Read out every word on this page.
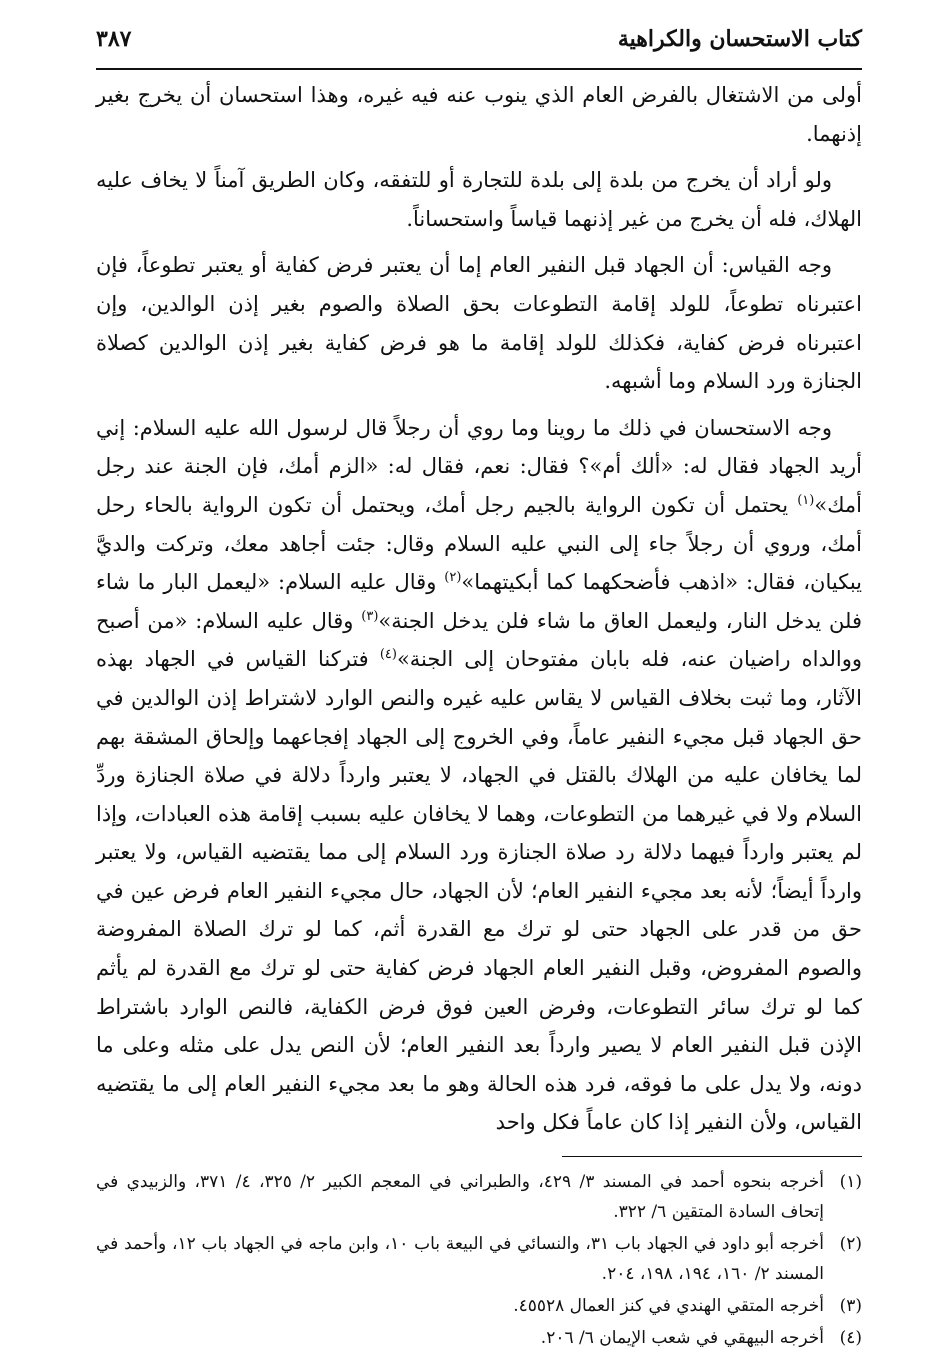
كتاب الاستحسان والكراهية
٣٨٧

أولى من الاشتغال بالفرض العام الذي ينوب عنه فيه غيره، وهذا استحسان أن يخرج بغير إذنهما.

ولو أراد أن يخرج من بلدة إلى بلدة للتجارة أو للتفقه، وكان الطريق آمناً لا يخاف عليه الهلاك، فله أن يخرج من غير إذنهما قياساً واستحساناً.

وجه القياس: أن الجهاد قبل النفير العام إما أن يعتبر فرض كفاية أو يعتبر تطوعاً، فإن اعتبرناه تطوعاً، للولد إقامة التطوعات بحق الصلاة والصوم بغير إذن الوالدين، وإن اعتبرناه فرض كفاية، فكذلك للولد إقامة ما هو فرض كفاية بغير إذن الوالدين كصلاة الجنازة ورد السلام وما أشبهه.

وجه الاستحسان في ذلك ما روينا وما روي أن رجلاً قال لرسول الله عليه السلام: إني أريد الجهاد فقال له: «ألك أم»؟ فقال: نعم، فقال له: «الزم أمك، فإن الجنة عند رجل أمك»$^{(١)}$ يحتمل أن تكون الرواية بالجيم رجل أمك، ويحتمل أن تكون الرواية بالحاء رحل أمك، وروي أن رجلاً جاء إلى النبي عليه السلام وقال: جئت أجاهد معك، وتركت والديَّ يبكيان، فقال: «اذهب فأضحكهما كما أبكيتهما»$^{(٢)}$ وقال عليه السلام: «ليعمل البار ما شاء فلن يدخل النار، وليعمل العاق ما شاء فلن يدخل الجنة»$^{(٣)}$ وقال عليه السلام: «من أصبح ووالداه راضيان عنه، فله بابان مفتوحان إلى الجنة»$^{(٤)}$ فتركنا القياس في الجهاد بهذه الآثار، وما ثبت بخلاف القياس لا يقاس عليه غيره والنص الوارد لاشتراط إذن الوالدين في حق الجهاد قبل مجيء النفير عاماً، وفي الخروج إلى الجهاد إفجاعهما وإلحاق المشقة بهم لما يخافان عليه من الهلاك بالقتل في الجهاد، لا يعتبر وارداً دلالة في صلاة الجنازة وردِّ السلام ولا في غيرهما من التطوعات، وهما لا يخافان عليه بسبب إقامة هذه العبادات، وإذا لم يعتبر وارداً فيهما دلالة رد صلاة الجنازة ورد السلام إلى مما يقتضيه القياس، ولا يعتبر وارداً أيضاً؛ لأنه بعد مجيء النفير العام؛ لأن الجهاد، حال مجيء النفير العام فرض عين في حق من قدر على الجهاد حتى لو ترك مع القدرة أثم، كما لو ترك الصلاة المفروضة والصوم المفروض، وقبل النفير العام الجهاد فرض كفاية حتى لو ترك مع القدرة لم يأثم كما لو ترك سائر التطوعات، وفرض العين فوق فرض الكفاية، فالنص الوارد باشتراط الإذن قبل النفير العام لا يصير وارداً بعد النفير العام؛ لأن النص يدل على مثله وعلى ما دونه، ولا يدل على ما فوقه، فرد هذه الحالة وهو ما بعد مجيء النفير العام إلى ما يقتضيه القياس، ولأن النفير إذا كان عاماً فكل واحد

(١)
أخرجه بنحوه أحمد في المسند ٣/ ٤٢٩، والطبراني في المعجم الكبير ٢/ ٣٢٥، ٤/ ٣٧١، والزبيدي في إتحاف السادة المتقين ٦/ ٣٢٢.
(٢)
أخرجه أبو داود في الجهاد باب ٣١، والنسائي في البيعة باب ١٠، وابن ماجه في الجهاد باب ١٢، وأحمد في المسند ٢/ ١٦٠، ١٩٤، ١٩٨، ٢٠٤.
(٣)
أخرجه المتقي الهندي في كنز العمال ٤٥٥٢٨.
(٤)
أخرجه البيهقي في شعب الإيمان ٦/ ٢٠٦.
